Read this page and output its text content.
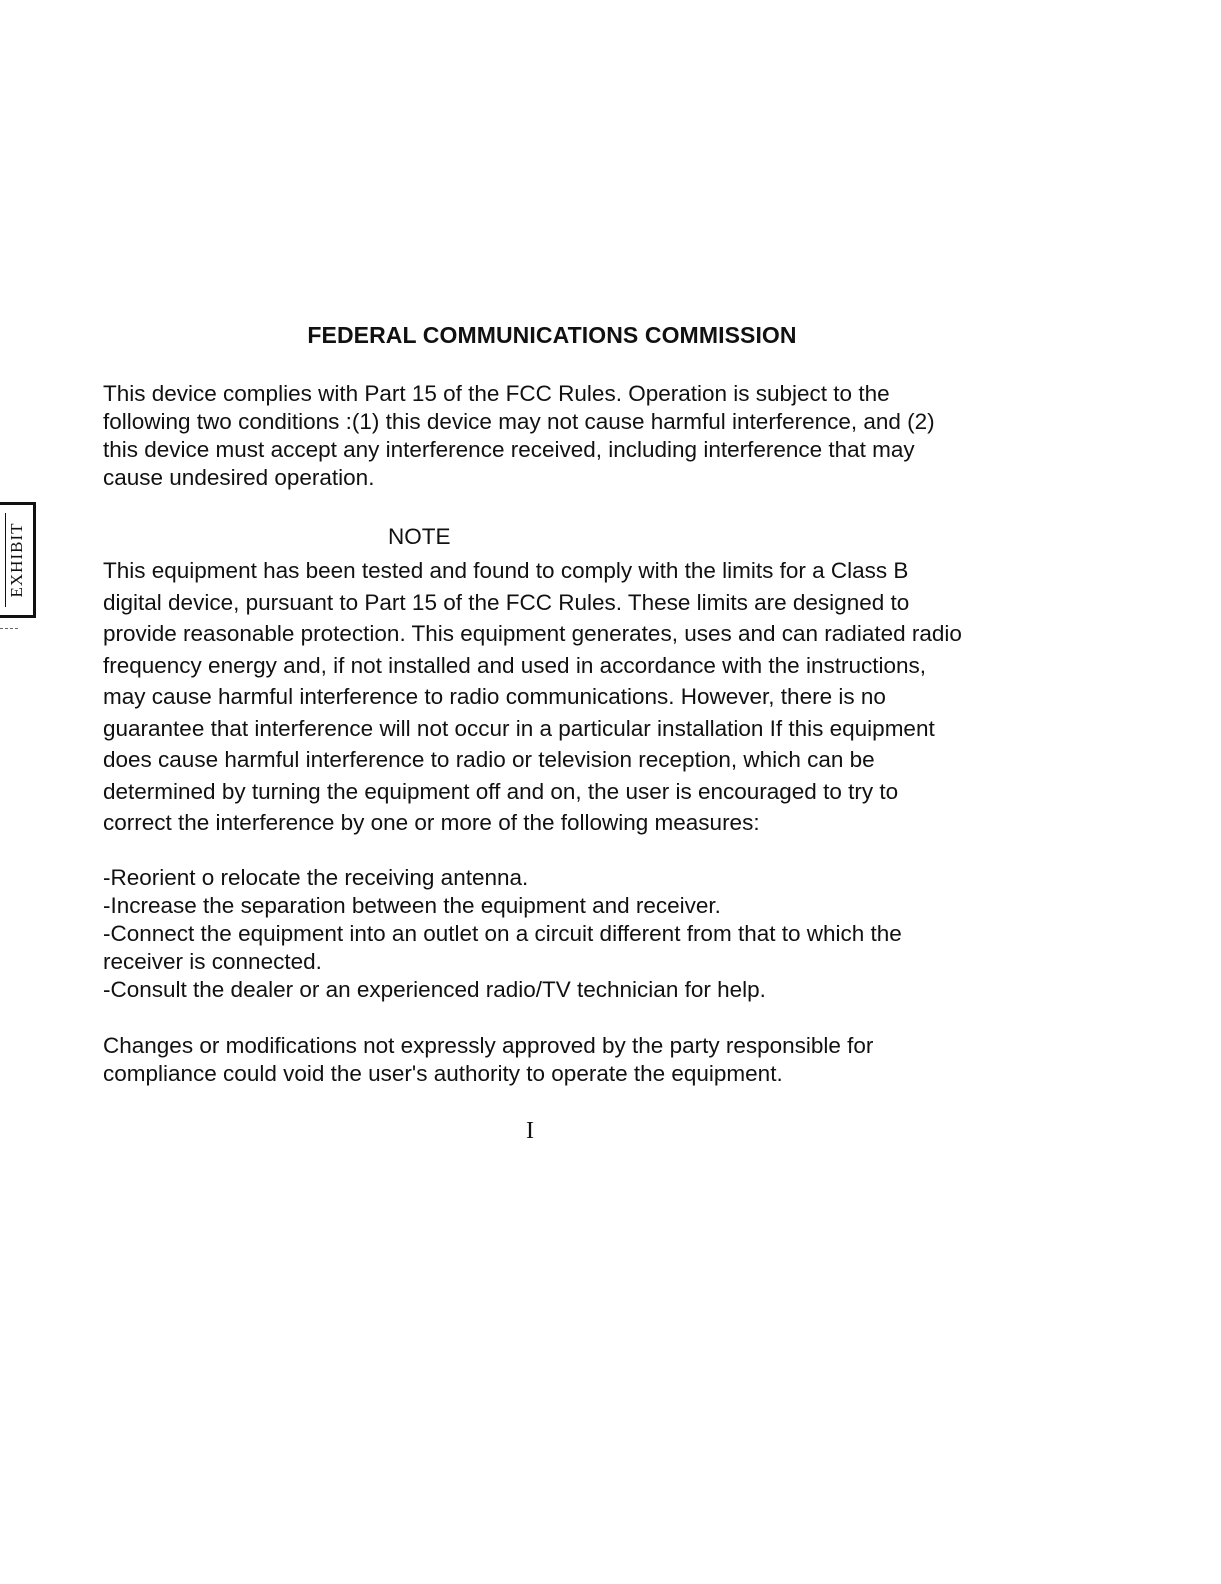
EXHIBIT
FEDERAL COMMUNICATIONS COMMISSION

This device complies with Part 15 of the FCC Rules. Operation is subject to the
following two conditions :(1) this device may not cause harmful interference, and (2)
this device must accept any interference received, including interference that may
cause undesired operation.

NOTE

This equipment has been tested and found to comply with the limits for a Class B
digital device, pursuant to Part 15 of the FCC Rules. These limits are designed to
provide reasonable protection. This equipment generates, uses and can radiated radio
frequency energy and, if not installed and used in accordance with the instructions,
may cause harmful interference to radio communications. However, there is no
guarantee that interference will not occur in a particular installation If this equipment
does cause harmful interference to radio or television reception, which can be
determined by turning the equipment off and on, the user is encouraged to try to
correct the interference by one or more of the following measures:

-Reorient o relocate the receiving antenna.
-Increase the separation between the equipment and receiver.
-Connect the equipment into an outlet on a circuit different from that to which the
receiver is connected.
-Consult the dealer or an experienced radio/TV technician for help.

Changes or modifications not expressly approved by the party responsible for
compliance could void the user's authority to operate the equipment.

I
